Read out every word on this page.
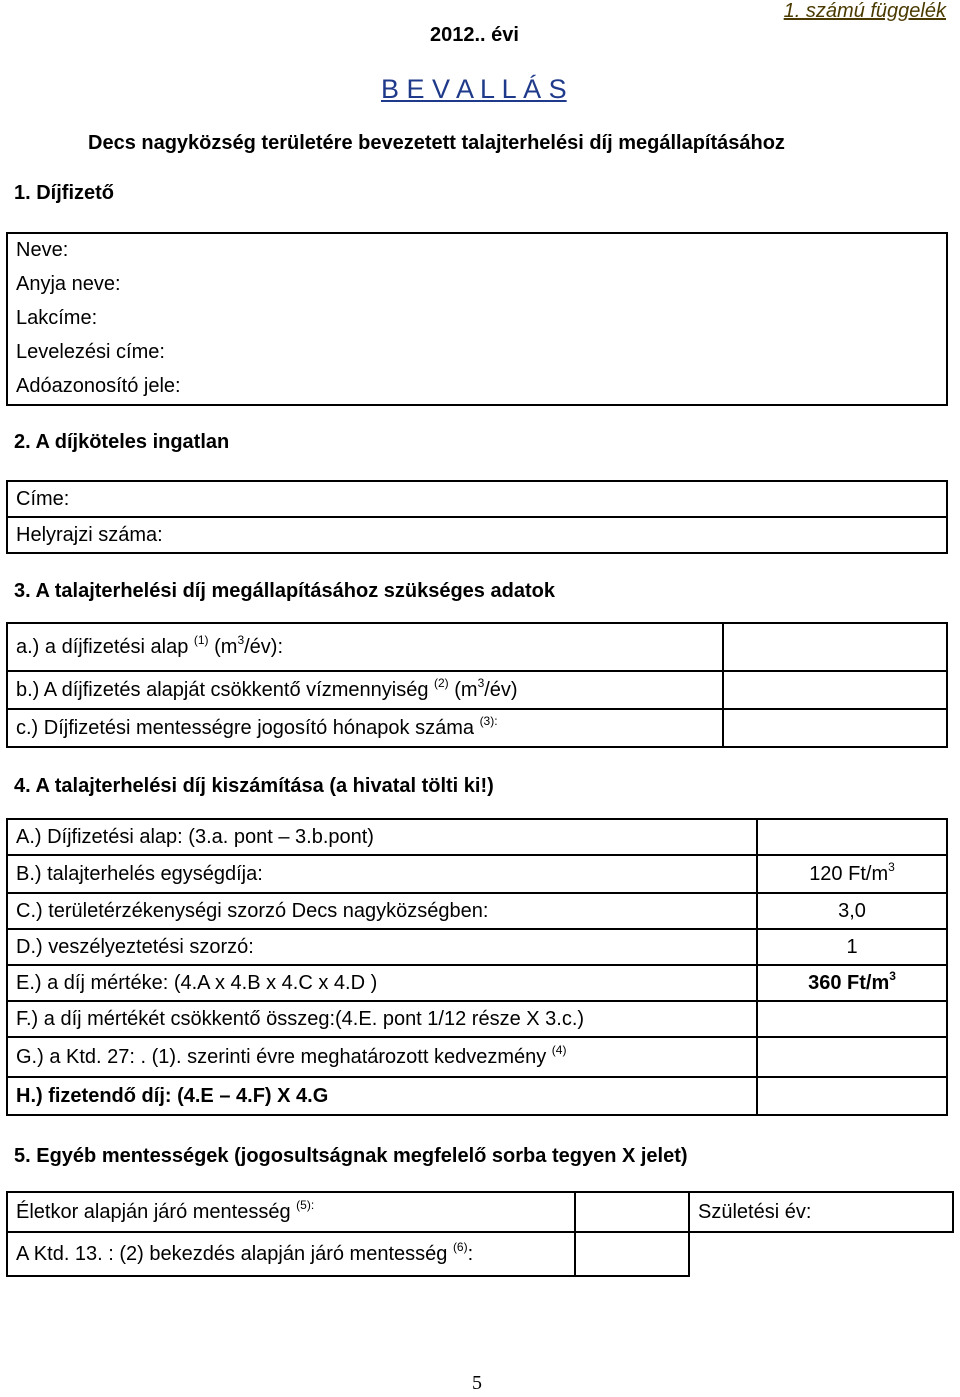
1. számú függelék
2012.. évi
B E V A L L Á S
Decs nagyközség területére bevezetett talajterhelési díj megállapításához
1. Díjfizető
Neve:
Anyja neve:
Lakcíme:
Levelezési címe:
Adóazonosító jele:
2. A díjköteles ingatlan
Címe:
Helyrajzi száma:
3. A talajterhelési díj megállapításához szükséges adatok
a.) a díjfizetési alap $^{(1)}$ $(m^3/év)$:	
b.) A díjfizetés alapját csökkentő vízmennyiség $^{(2)}$ $(m^3/év)$	
c.) Díjfizetési mentességre jogosító hónapok száma $^{(3):}$	
4. A talajterhelési díj kiszámítása (a hivatal tölti ki!)
A.) Díjfizetési alap: (3.a. pont – 3.b.pont)	
B.) talajterhelés egységdíja:	120 $Ft/m^3$
C.) területérzékenységi szorzó Decs nagyközségben:	3,0
D.) veszélyeztetési szorzó:	1
E.) a díj mértéke: (4.A x 4.B x 4.C x 4.D )	360 $Ft/m^3$
F.) a díj mértékét csökkentő összeg:(4.E. pont 1/12 része X 3.c.)	
G.) a Ktd. 27: . (1). szerinti évre meghatározott kedvezmény $^{(4)}$	
H.) fizetendő díj: (4.E – 4.F) X 4.G	
5. Egyéb mentességek (jogosultságnak megfelelő sorba tegyen X jelet)
Életkor alapján járó mentesség $^{(5):}$		Születési év:
A Ktd. 13. : (2) bekezdés alapján járó mentesség $^{(6)}$:		
5
